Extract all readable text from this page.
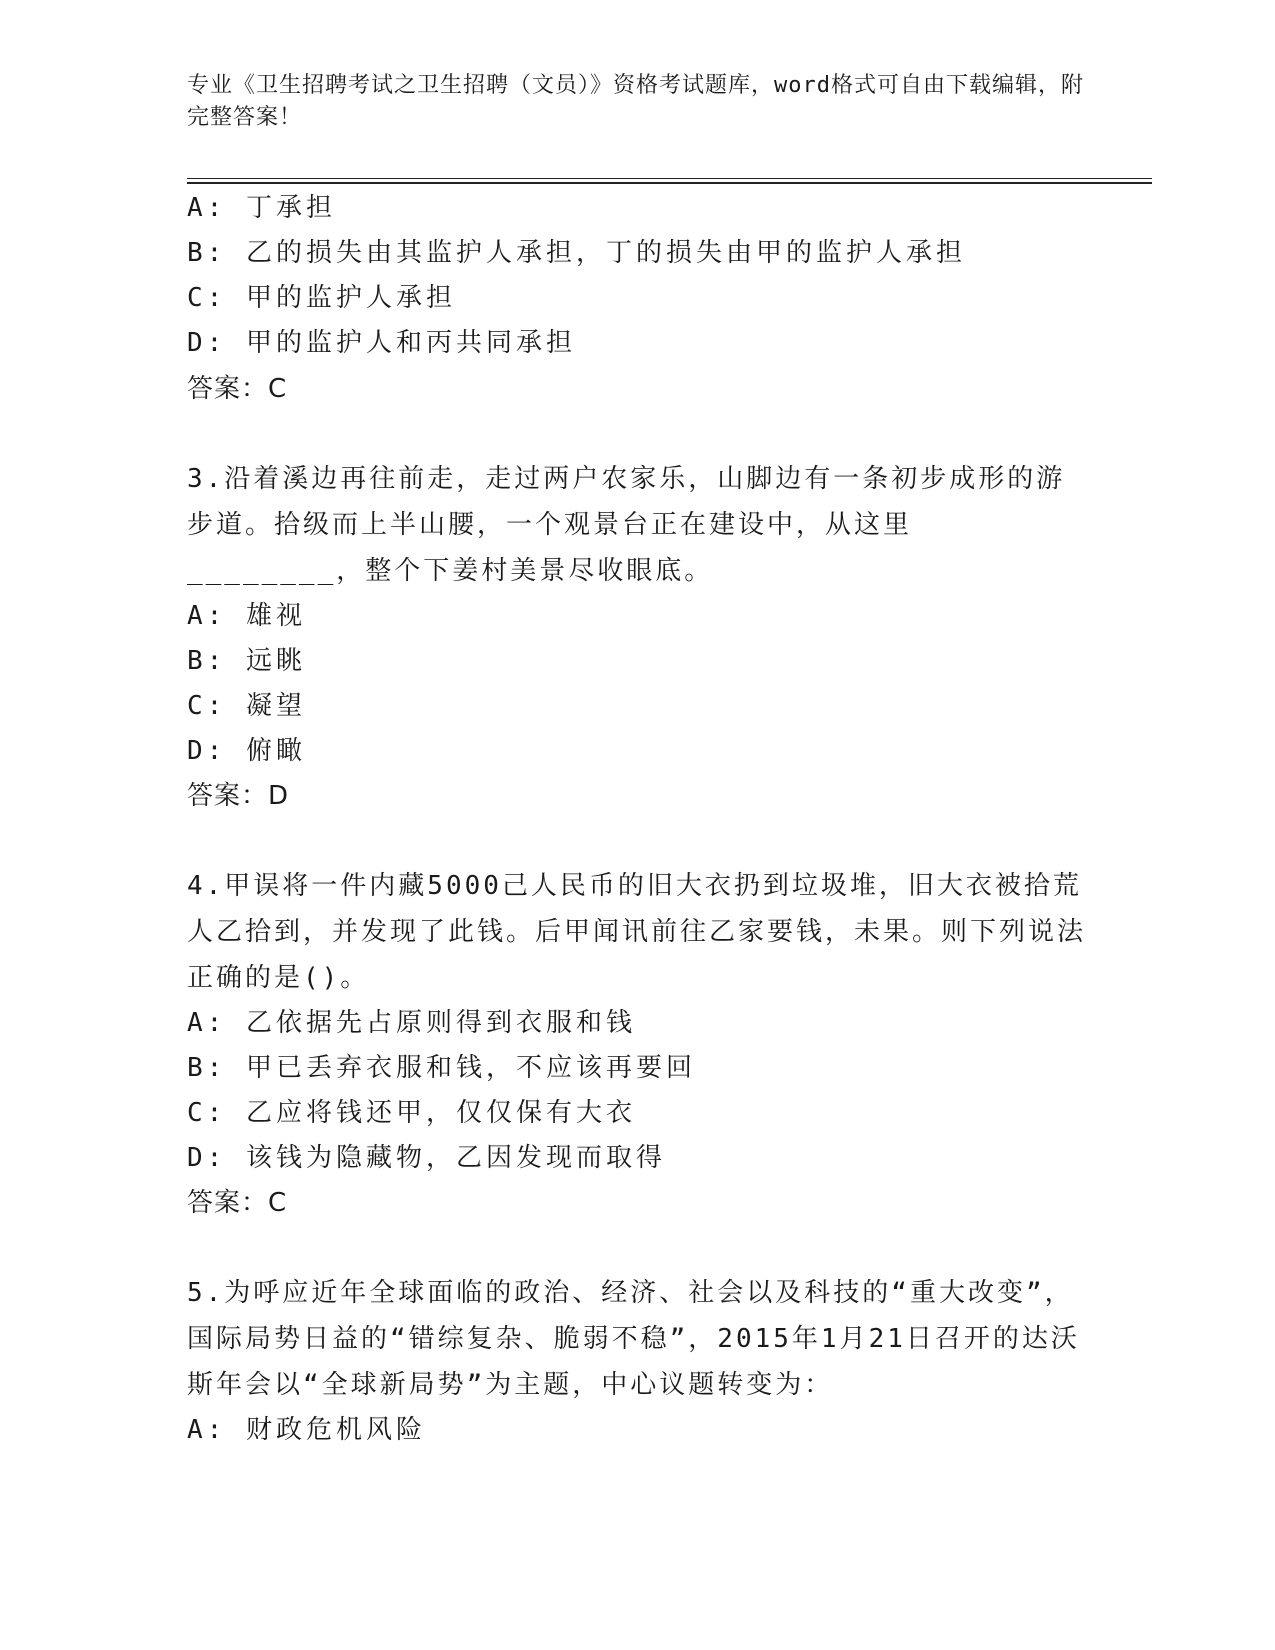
专业《卫生招聘考试之卫生招聘（文员）》资格考试题库，word格式可自由下载编辑，附完整答案！
A: 丁承担
B: 乙的损失由其监护人承担，丁的损失由甲的监护人承担
C: 甲的监护人承担
D: 甲的监护人和丙共同承担
答案：C
3.沿着溪边再往前走，走过两户农家乐，山脚边有一条初步成形的游步道。拾级而上半山腰，一个观景台正在建设中，从这里________，整个下姜村美景尽收眼底。
A: 雄视
B: 远眺
C: 凝望
D: 俯瞰
答案：D
4.甲误将一件内藏5000己人民币的旧大衣扔到垃圾堆，旧大衣被拾荒人乙拾到，并发现了此钱。后甲闻讯前往乙家要钱，未果。则下列说法正确的是()。
A: 乙依据先占原则得到衣服和钱
B: 甲已丢弃衣服和钱，不应该再要回
C: 乙应将钱还甲，仅仅保有大衣
D: 该钱为隐藏物，乙因发现而取得
答案：C
5.为呼应近年全球面临的政治、经济、社会以及科技的“重大改变”，国际局势日益的“错综复杂、脆弱不稳”，2015年1月21日召开的达沃斯年会以“全球新局势”为主题，中心议题转变为：
A: 财政危机风险
